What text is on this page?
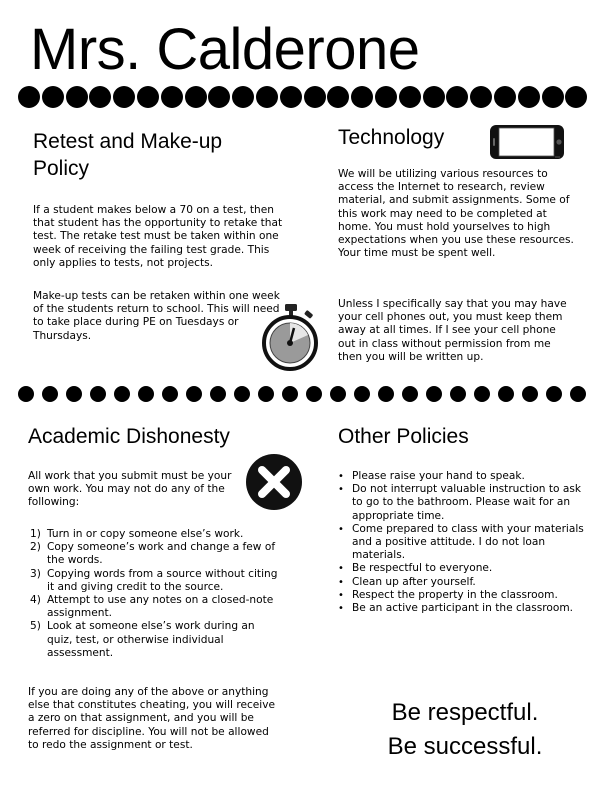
Mrs. Calderone
Retest and Make-up Policy
If a student makes below a 70 on a test, then that student has the opportunity to retake that test. The retake test must be taken within one week of receiving the failing test grade. This only applies to tests, not projects.
Make-up tests can be retaken within one week of the students return to school. This will need to take place during PE on Tuesdays or Thursdays.
Technology
We will be utilizing various resources to access the Internet to research, review material, and submit assignments. Some of this work may need to be completed at home. You must hold yourselves to high expectations when you use these resources. Your time must be spent well.
Unless I specifically say that you may have your cell phones out, you must keep them away at all times. If I see your cell phone out in class without permission from me then you will be written up.
Academic Dishonesty
All work that you submit must be your own work. You may not do any of the following:
1) Turn in or copy someone else’s work.
2) Copy someone’s work and change a few of the words.
3) Copying words from a source without citing it and giving credit to the source.
4) Attempt to use any notes on a closed-note assignment.
5) Look at someone else’s work during an quiz, test, or otherwise individual assessment.
If you are doing any of the above or anything else that constitutes cheating, you will receive a zero on that assignment, and you will be referred for discipline. You will not be allowed to redo the assignment or test.
Other Policies
• Please raise your hand to speak.
• Do not interrupt valuable instruction to ask to go to the bathroom. Please wait for an appropriate time.
• Come prepared to class with your materials and a positive attitude. I do not loan materials.
• Be respectful to everyone.
• Clean up after yourself.
• Respect the property in the classroom.
• Be an active participant in the classroom.
Be respectful.
Be successful.
